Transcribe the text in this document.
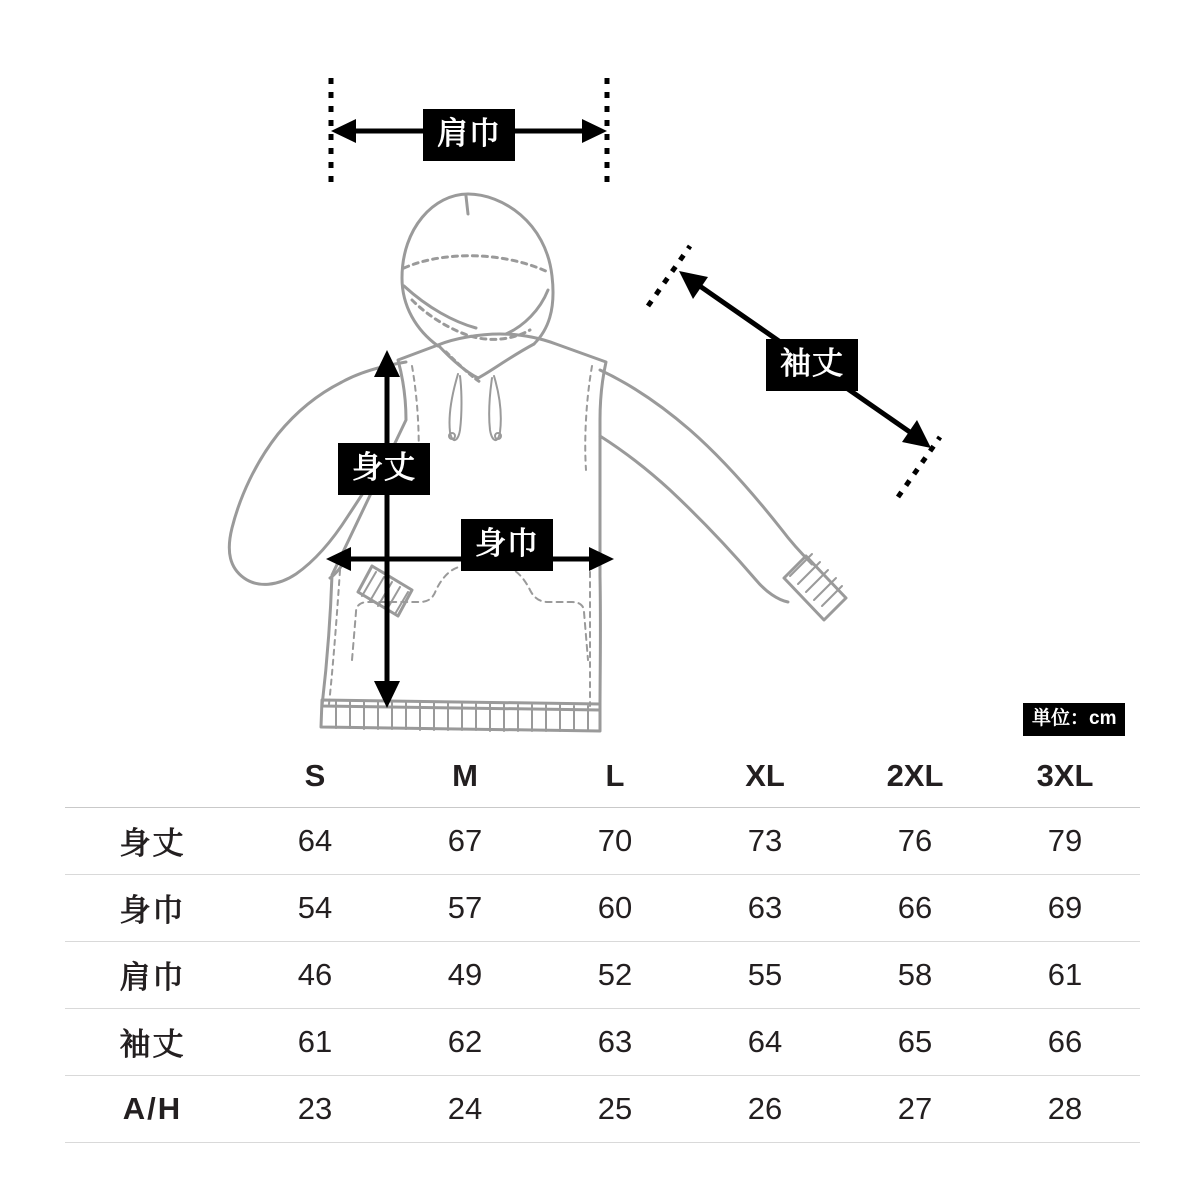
肩巾
袖丈
身丈
身巾
単位：cm
	S	M	L	XL	2XL	3XL
身丈	64	67	70	73	76	79
身巾	54	57	60	63	66	69
肩巾	46	49	52	55	58	61
袖丈	61	62	63	64	65	66
A/H	23	24	25	26	27	28
